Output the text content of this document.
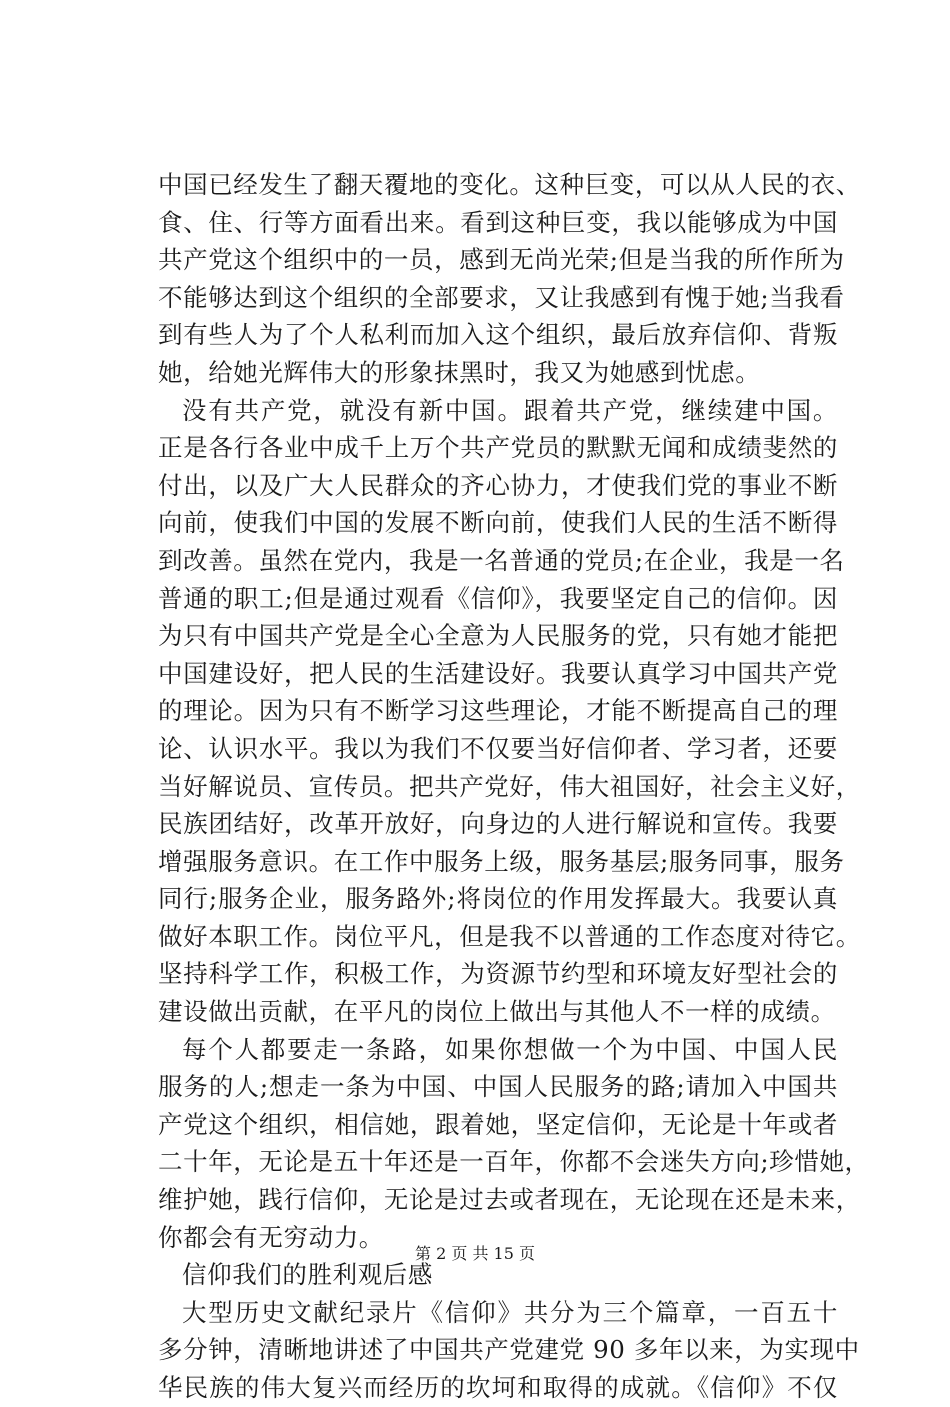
中国已经发生了翻天覆地的变化。这种巨变，可以从人民的衣、
食、住、行等方面看出来。看到这种巨变，我以能够成为中国
共产党这个组织中的一员，感到无尚光荣;但是当我的所作所为
不能够达到这个组织的全部要求，又让我感到有愧于她;当我看
到有些人为了个人私利而加入这个组织，最后放弃信仰、背叛
她，给她光辉伟大的形象抹黑时，我又为她感到忧虑。
没有共产党，就没有新中国。跟着共产党，继续建中国。
正是各行各业中成千上万个共产党员的默默无闻和成绩斐然的
付出，以及广大人民群众的齐心协力，才使我们党的事业不断
向前，使我们中国的发展不断向前，使我们人民的生活不断得
到改善。虽然在党内，我是一名普通的党员;在企业，我是一名
普通的职工;但是通过观看《信仰》，我要坚定自己的信仰。因
为只有中国共产党是全心全意为人民服务的党，只有她才能把
中国建设好，把人民的生活建设好。我要认真学习中国共产党
的理论。因为只有不断学习这些理论，才能不断提高自己的理
论、认识水平。我以为我们不仅要当好信仰者、学习者，还要
当好解说员、宣传员。把共产党好，伟大祖国好，社会主义好，
民族团结好，改革开放好，向身边的人进行解说和宣传。我要
增强服务意识。在工作中服务上级，服务基层;服务同事，服务
同行;服务企业，服务路外;将岗位的作用发挥最大。我要认真
做好本职工作。岗位平凡，但是我不以普通的工作态度对待它。
坚持科学工作，积极工作，为资源节约型和环境友好型社会的
建设做出贡献，在平凡的岗位上做出与其他人不一样的成绩。
每个人都要走一条路，如果你想做一个为中国、中国人民
服务的人;想走一条为中国、中国人民服务的路;请加入中国共
产党这个组织，相信她，跟着她，坚定信仰，无论是十年或者
二十年，无论是五十年还是一百年，你都不会迷失方向;珍惜她，
维护她，践行信仰，无论是过去或者现在，无论现在还是未来，
你都会有无穷动力。
信仰我们的胜利观后感
大型历史文献纪录片《信仰》共分为三个篇章，一百五十
多分钟，清晰地讲述了中国共产党建党 90 多年以来，为实现中
华民族的伟大复兴而经历的坎坷和取得的成就。《信仰》不仅
第 2 页 共 15 页
